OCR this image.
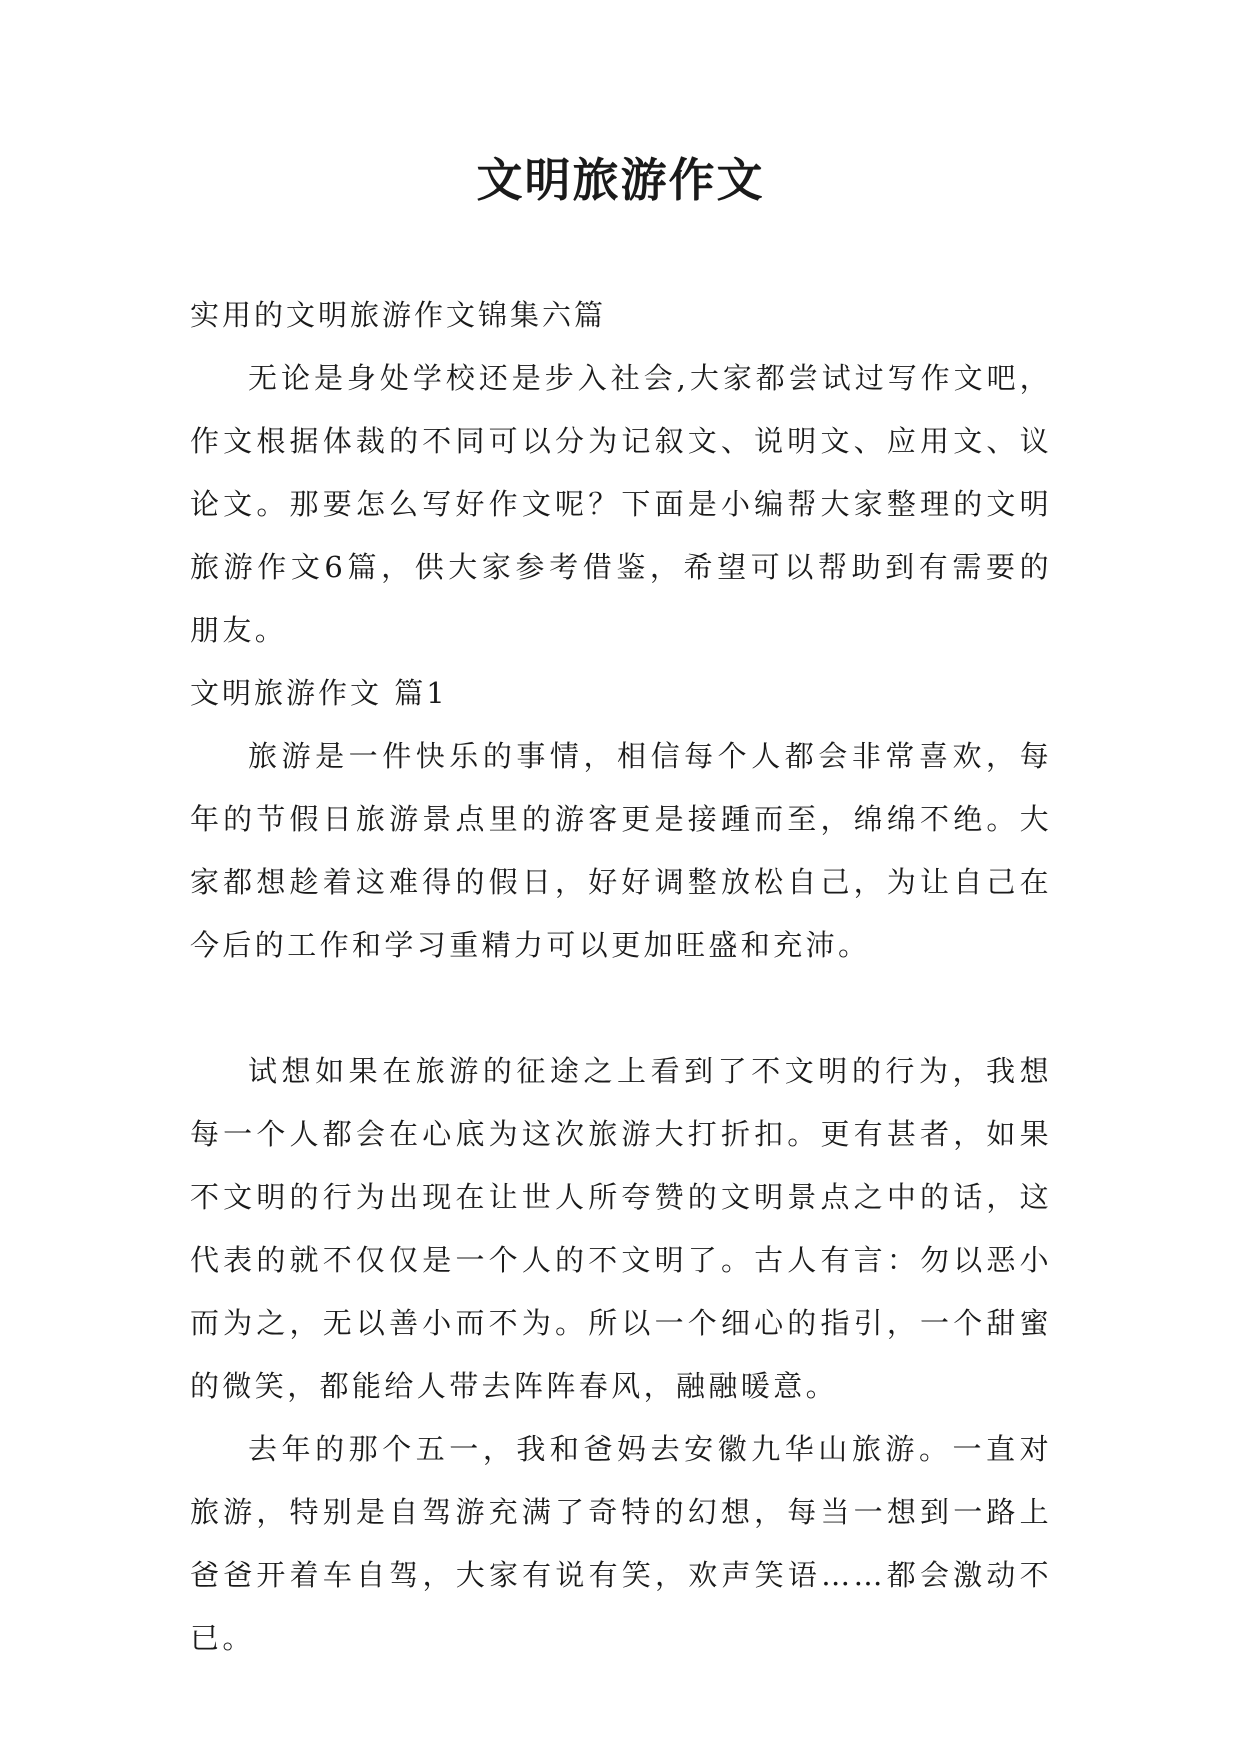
文明旅游作文

实用的文明旅游作文锦集六篇

无论是身处学校还是步入社会,大家都尝试过写作文吧，作文根据体裁的不同可以分为记叙文、说明文、应用文、议论文。那要怎么写好作文呢？下面是小编帮大家整理的文明旅游作文6篇，供大家参考借鉴，希望可以帮助到有需要的朋友。

文明旅游作文 篇1

旅游是一件快乐的事情，相信每个人都会非常喜欢，每年的节假日旅游景点里的游客更是接踵而至，绵绵不绝。大家都想趁着这难得的假日，好好调整放松自己，为让自己在今后的工作和学习重精力可以更加旺盛和充沛。

试想如果在旅游的征途之上看到了不文明的行为，我想每一个人都会在心底为这次旅游大打折扣。更有甚者，如果不文明的行为出现在让世人所夸赞的文明景点之中的话，这代表的就不仅仅是一个人的不文明了。古人有言：勿以恶小而为之，无以善小而不为。所以一个细心的指引，一个甜蜜的微笑，都能给人带去阵阵春风，融融暖意。

去年的那个五一，我和爸妈去安徽九华山旅游。一直对旅游，特别是自驾游充满了奇特的幻想，每当一想到一路上爸爸开着车自驾，大家有说有笑，欢声笑语……都会激动不已。
